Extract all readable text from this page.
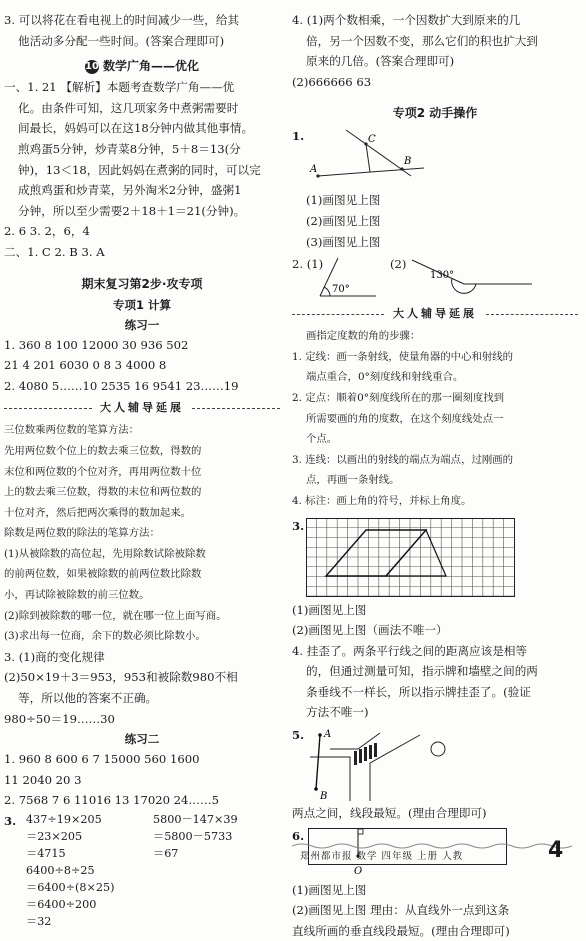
3. 可以将花在看电视上的时间减少一些，给其
他活动多分配一些时间。(答案合理即可)
10 数学广角——优化
一、1. 21 【解析】本题考查数学广角——优
化。由条件可知，这几项家务中煮粥需要时
间最长，妈妈可以在这18分钟内做其他事情。
煎鸡蛋5分钟，炒青菜8分钟，5＋8＝13(分
钟)，13＜18，因此妈妈在煮粥的同时，可以完
成煎鸡蛋和炒青菜，另外淘米2分钟，盛粥1
分钟，所以至少需要2＋18＋1＝21(分钟)。
2. 6 3. 2，6，4
二、1. C 2. B 3. A
期末复习第2步·攻专项
专项1 计算
练习一
1. 360 8 100 12000 30 936 502
21 4 201 6030 0 8 3 4000 8
2. 4080 5……10 2535 16 9541 23……19
大人辅导延展
三位数乘两位数的笔算方法：
先用两位数个位上的数去乘三位数，得数的
末位和两位数的个位对齐，再用两位数十位
上的数去乘三位数，得数的末位和两位数的
十位对齐，然后把两次乘得的数加起来。
除数是两位数的除法的笔算方法：
(1)从被除数的高位起，先用除数试除被除数
的前两位数，如果被除数的前两位数比除数
小，再试除被除数的前三位数。
(2)除到被除数的哪一位，就在哪一位上面写商。
(3)求出每一位商，余下的数必须比除数小。
3. (1)商的变化规律
(2)50×19＋3＝953，953和被除数980不相
等，所以他的答案不正确。
980÷50＝19……30
练习二
1. 960 8 600 6 7 15000 560 1600
11 2040 20 3
2. 7568 7 6 11016 13 17020 24……5
3. 437÷19×205
＝23×205
＝4715
6400÷8÷25
＝6400÷(8×25)
＝6400÷200
＝32
5800－147×39
＝5800－5733
＝67
4. (1)两个数相乘，一个因数扩大到原来的几
倍，另一个因数不变，那么它们的积也扩大到
原来的几倍。(答案合理即可)
(2)666666 63
专项2 动手操作
1.	C
A
B
(1)画图见上图
(2)画图见上图
(3)画图见上图
2. (1)	(2)
70°
130°
大人辅导延展
画指定度数的角的步骤：
1. 定线：画一条射线，使量角器的中心和射线的
端点重合，0°刻度线和射线重合。
2. 定点：顺着0°刻度线所在的那一圈刻度找到
所需要画的角的度数，在这个刻度线处点一
个点。
3. 连线：以画出的射线的端点为端点，过刚画的
点，再画一条射线。
4. 标注：画上角的符号，并标上角度。
3.
(1)画图见上图
(2)画图见上图（画法不唯一）
4. 挂歪了。两条平行线之间的距离应该是相等
的，但通过测量可知，指示牌和墙壁之间的两
条垂线不一样长，所以指示牌挂歪了。(验证
方法不唯一)
5. A
B
两点之间，线段最短。(理由合理即可)
6.
O
(1)画图见上图
(2)画图见上图 理由：从直线外一点到这条
直线所画的垂直线段最短。(理由合理即可)
郑州都市报 数学 四年级 上册 人教	4
